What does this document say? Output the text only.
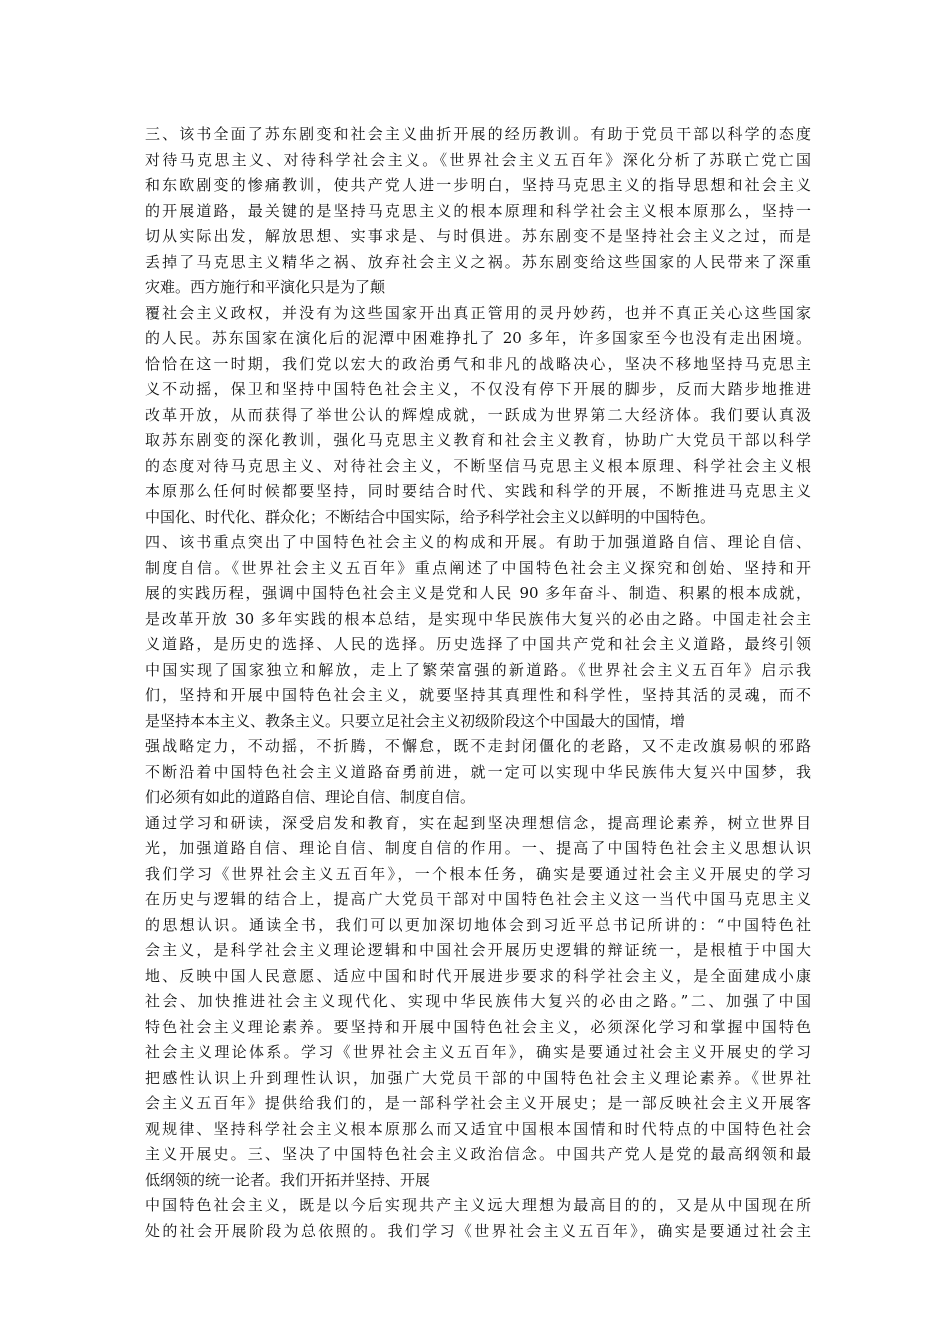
三、该书全面了苏东剧变和社会主义曲折开展的经历教训。有助于党员干部以科学的态度
对待马克思主义、对待科学社会主义。《世界社会主义五百年》深化分析了苏联亡党亡国
和东欧剧变的惨痛教训，使共产党人进一步明白，坚持马克思主义的指导思想和社会主义
的开展道路，最关键的是坚持马克思主义的根本原理和科学社会主义根本原那么，坚持一
切从实际出发，解放思想、实事求是、与时俱进。苏东剧变不是坚持社会主义之过，而是
丢掉了马克思主义精华之祸、放弃社会主义之祸。苏东剧变给这些国家的人民带来了深重
灾难。西方施行和平演化只是为了颠
覆社会主义政权，并没有为这些国家开出真正管用的灵丹妙药，也并不真正关心这些国家
的人民。苏东国家在演化后的泥潭中困难挣扎了 20 多年，许多国家至今也没有走出困境。
恰恰在这一时期，我们党以宏大的政治勇气和非凡的战略决心，坚决不移地坚持马克思主
义不动摇，保卫和坚持中国特色社会主义，不仅没有停下开展的脚步，反而大踏步地推进
改革开放，从而获得了举世公认的辉煌成就，一跃成为世界第二大经济体。我们要认真汲
取苏东剧变的深化教训，强化马克思主义教育和社会主义教育，协助广大党员干部以科学
的态度对待马克思主义、对待社会主义，不断坚信马克思主义根本原理、科学社会主义根
本原那么任何时候都要坚持，同时要结合时代、实践和科学的开展，不断推进马克思主义
中国化、时代化、群众化；不断结合中国实际，给予科学社会主义以鲜明的中国特色。
四、该书重点突出了中国特色社会主义的构成和开展。有助于加强道路自信、理论自信、
制度自信。《世界社会主义五百年》重点阐述了中国特色社会主义探究和创始、坚持和开
展的实践历程，强调中国特色社会主义是党和人民 90 多年奋斗、制造、积累的根本成就，
是改革开放 30 多年实践的根本总结，是实现中华民族伟大复兴的必由之路。中国走社会主
义道路，是历史的选择、人民的选择。历史选择了中国共产党和社会主义道路，最终引领
中国实现了国家独立和解放，走上了繁荣富强的新道路。《世界社会主义五百年》启示我
们，坚持和开展中国特色社会主义，就要坚持其真理性和科学性，坚持其活的灵魂，而不
是坚持本本主义、教条主义。只要立足社会主义初级阶段这个中国最大的国情，增
强战略定力，不动摇，不折腾，不懈怠，既不走封闭僵化的老路，又不走改旗易帜的邪路
不断沿着中国特色社会主义道路奋勇前进，就一定可以实现中华民族伟大复兴中国梦，我
们必须有如此的道路自信、理论自信、制度自信。
通过学习和研读，深受启发和教育，实在起到坚决理想信念，提高理论素养，树立世界目
光，加强道路自信、理论自信、制度自信的作用。一、提高了中国特色社会主义思想认识
我们学习《世界社会主义五百年》，一个根本任务，确实是要通过社会主义开展史的学习
在历史与逻辑的结合上，提高广大党员干部对中国特色社会主义这一当代中国马克思主义
的思想认识。通读全书，我们可以更加深切地体会到习近平总书记所讲的：“中国特色社
会主义，是科学社会主义理论逻辑和中国社会开展历史逻辑的辩证统一，是根植于中国大
地、反映中国人民意愿、适应中国和时代开展进步要求的科学社会主义，是全面建成小康
社会、加快推进社会主义现代化、实现中华民族伟大复兴的必由之路。”二、加强了中国
特色社会主义理论素养。要坚持和开展中国特色社会主义，必须深化学习和掌握中国特色
社会主义理论体系。学习《世界社会主义五百年》，确实是要通过社会主义开展史的学习
把感性认识上升到理性认识，加强广大党员干部的中国特色社会主义理论素养。《世界社
会主义五百年》提供给我们的，是一部科学社会主义开展史；是一部反映社会主义开展客
观规律、坚持科学社会主义根本原那么而又适宜中国根本国情和时代特点的中国特色社会
主义开展史。三、坚决了中国特色社会主义政治信念。中国共产党人是党的最高纲领和最
低纲领的统一论者。我们开拓并坚持、开展
中国特色社会主义，既是以今后实现共产主义远大理想为最高目的的，又是从中国现在所
处的社会开展阶段为总依照的。我们学习《世界社会主义五百年》，确实是要通过社会主
